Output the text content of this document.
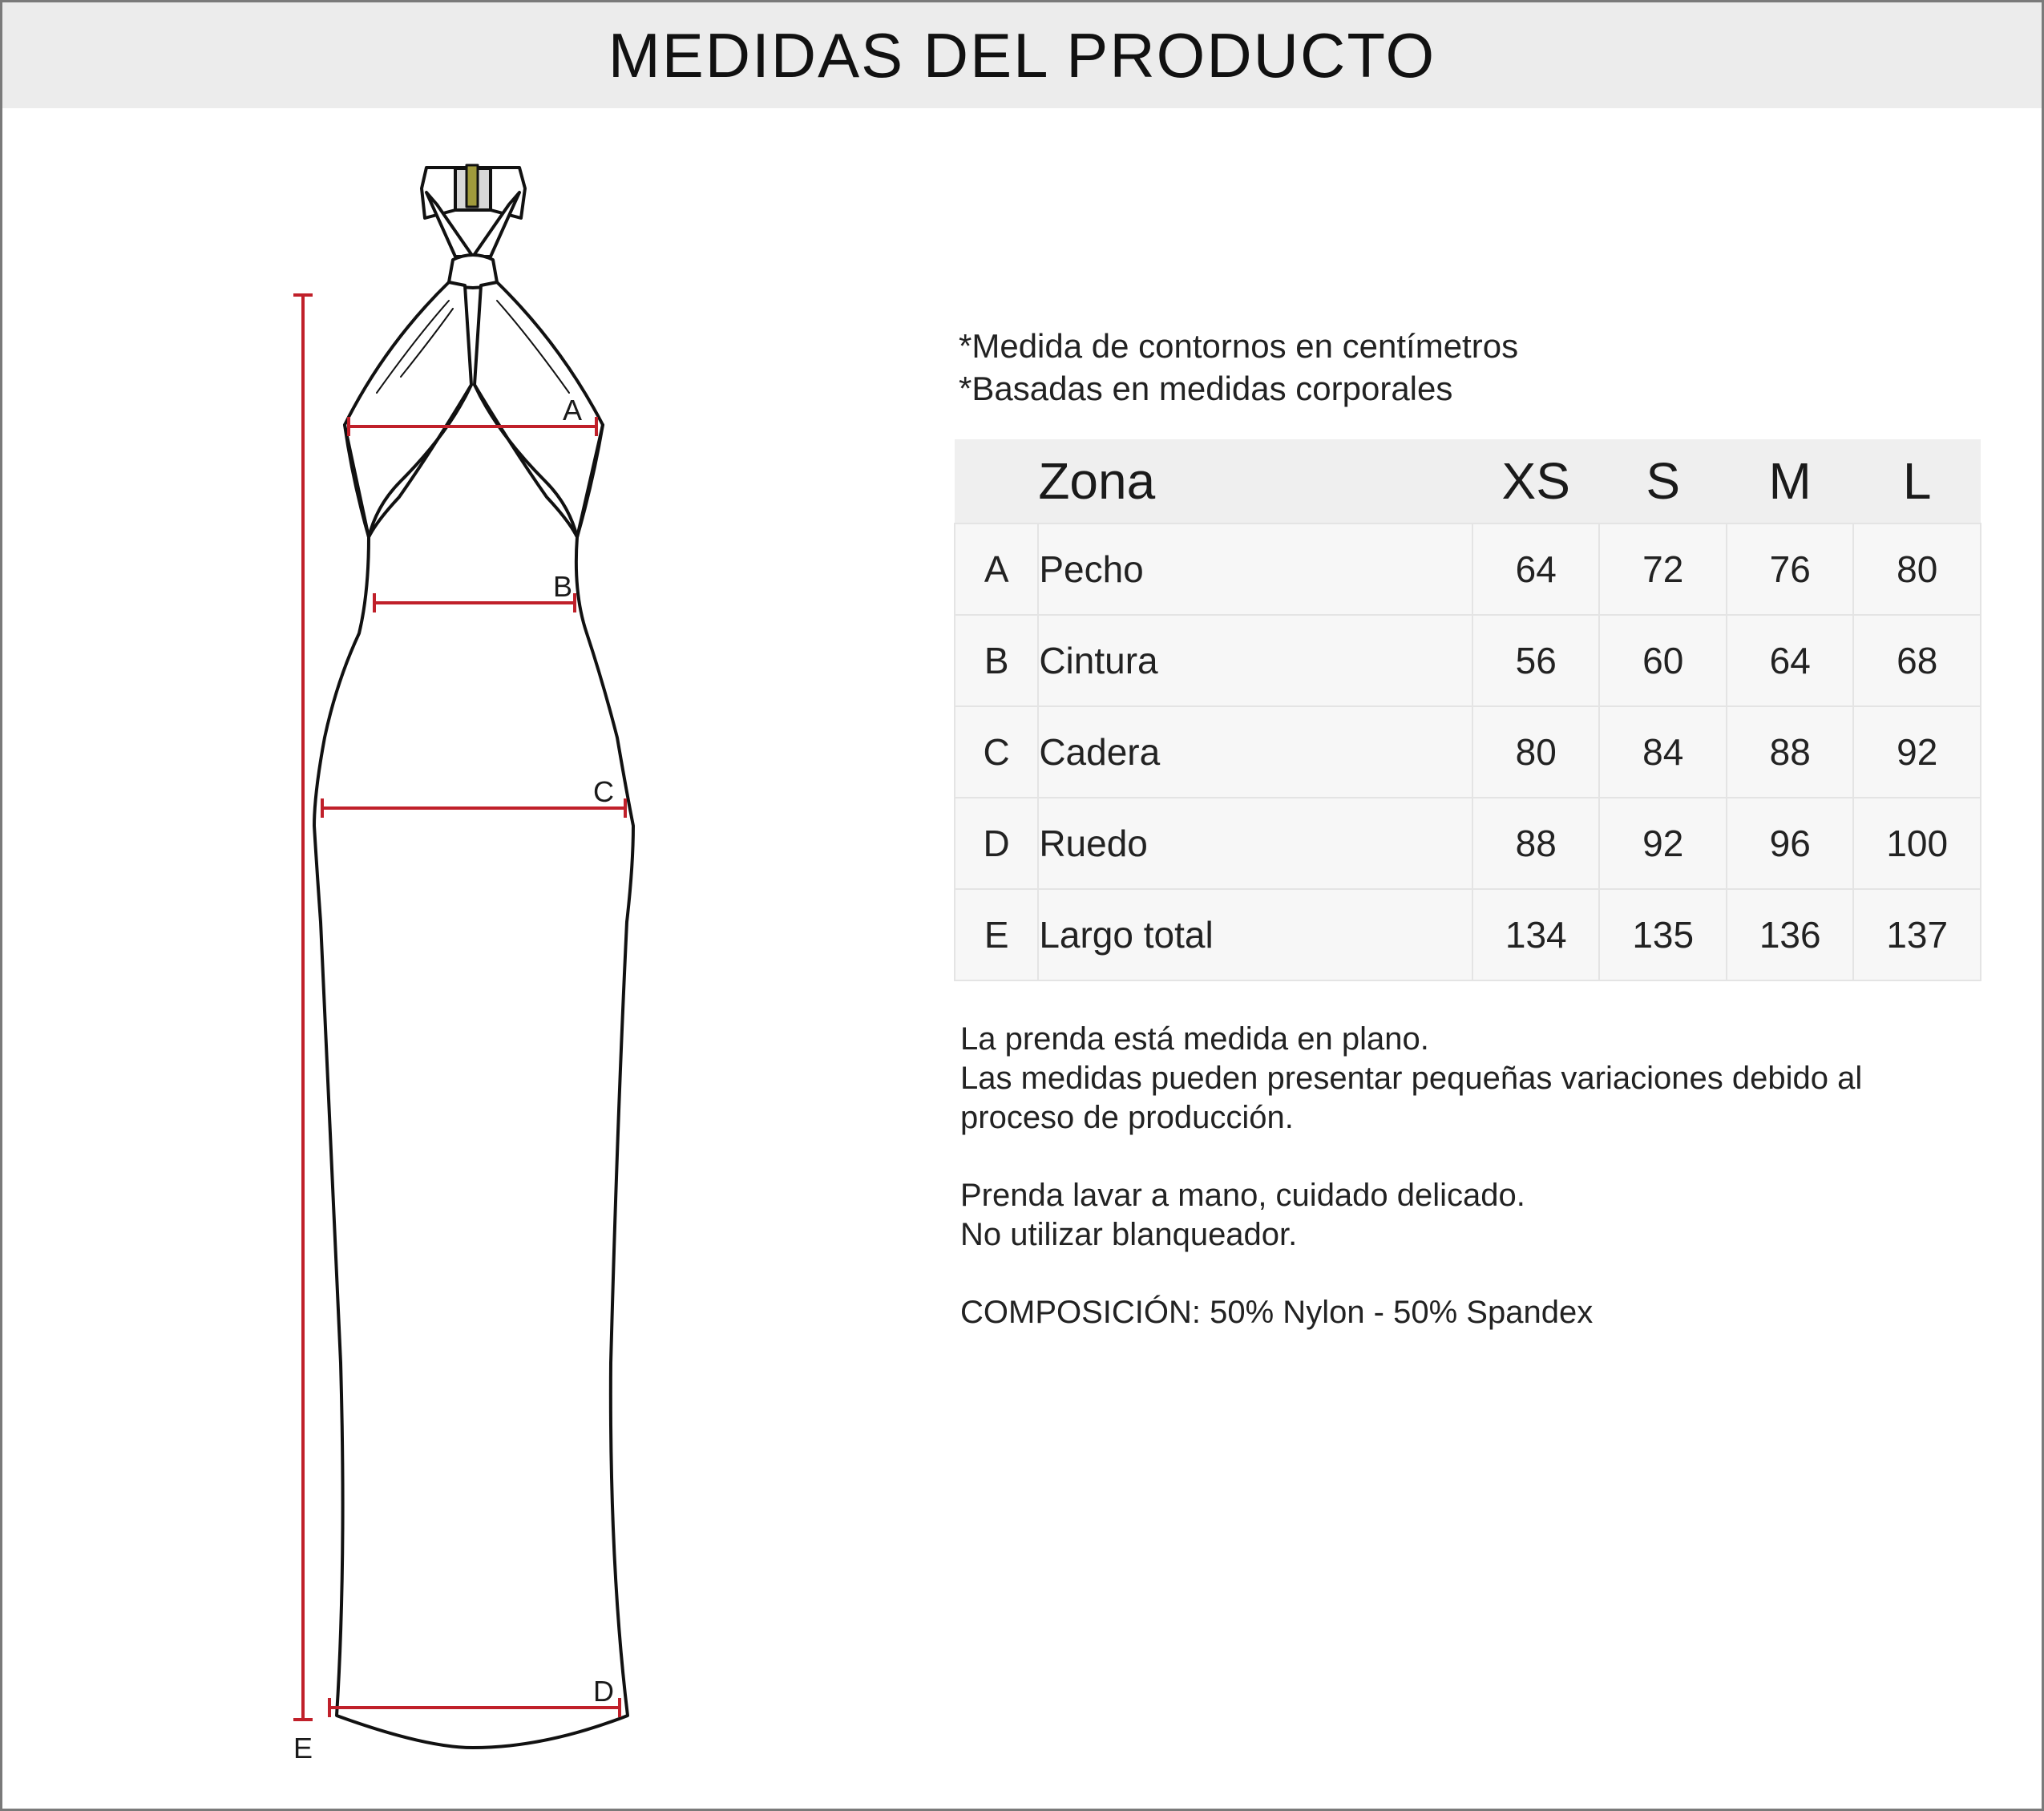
MEDIDAS DEL PRODUCTO
A
B
C
D
E
*Medida de contornos en centímetros
*Basadas en medidas corporales
	Zona	XS	S	M	L
A	Pecho	64	72	76	80
B	Cintura	56	60	64	68
C	Cadera	80	84	88	92
D	Ruedo	88	92	96	100
E	Largo total	134	135	136	137

La prenda está medida en plano.
Las medidas pueden presentar pequeñas variaciones debido al
proceso de producción.

Prenda lavar a mano, cuidado delicado.
No utilizar blanqueador.

COMPOSICIÓN: 50% Nylon - 50% Spandex
